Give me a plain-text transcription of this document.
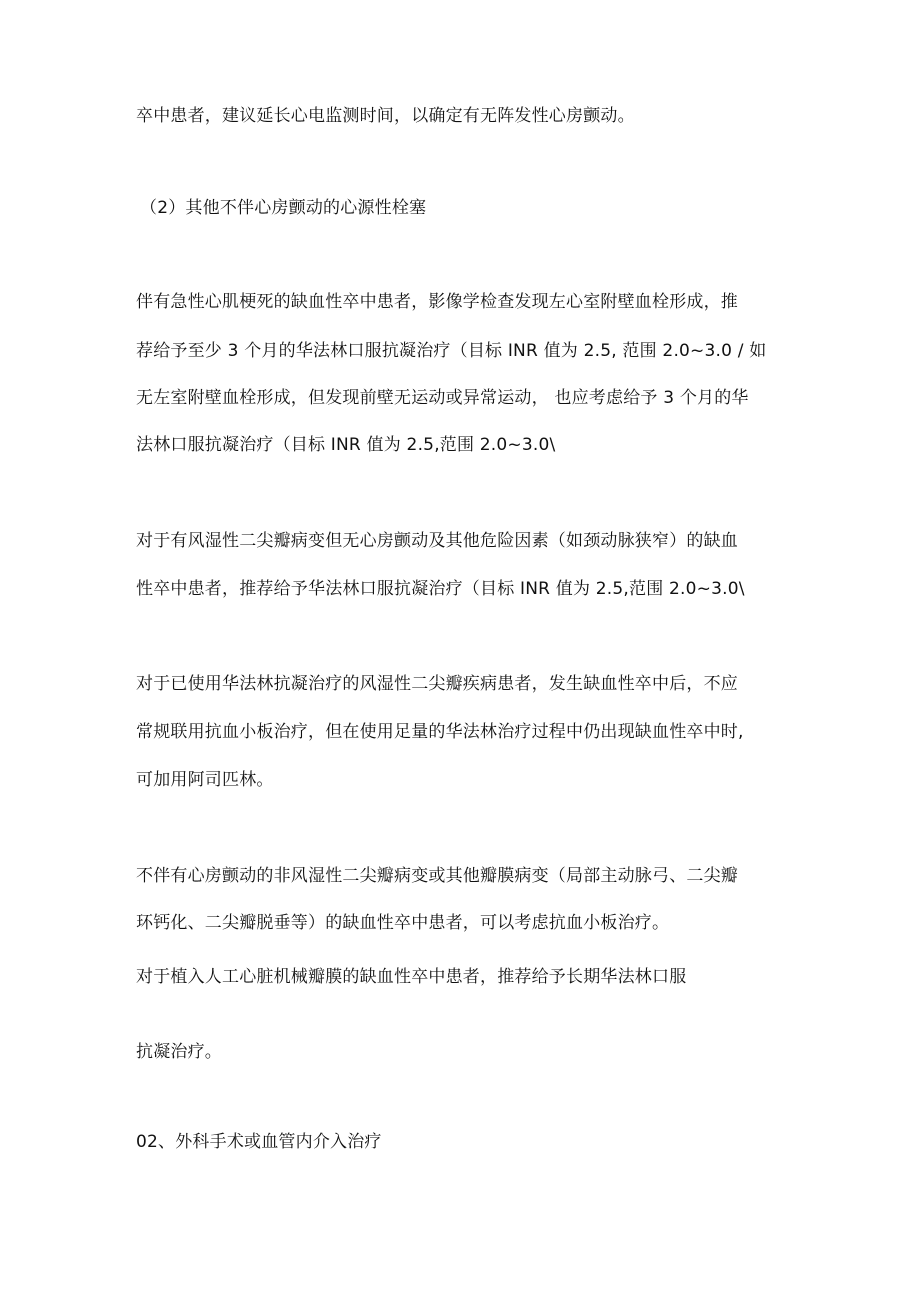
卒中患者，建议延长心电监测时间，以确定有无阵发性心房颤动。
（2）其他不伴心房颤动的心源性栓塞
伴有急性心肌梗死的缺血性卒中患者，影像学检查发现左心室附壁血栓形成，推
荐给予至少 3 个月的华法林口服抗凝治疗（目标 INR 值为 2.5, 范围 2.0~3.0 / 如
无左室附壁血栓形成，但发现前壁无运动或异常运动， 也应考虑给予 3 个月的华
法林口服抗凝治疗（目标 INR 值为 2.5,范围 2.0~3.0\
对于有风湿性二尖瓣病变但无心房颤动及其他危险因素（如颈动脉狭窄）的缺血
性卒中患者，推荐给予华法林口服抗凝治疗（目标 INR 值为 2.5,范围 2.0~3.0\
对于已使用华法林抗凝治疗的风湿性二尖瓣疾病患者，发生缺血性卒中后，不应
常规联用抗血小板治疗，但在使用足量的华法林治疗过程中仍出现缺血性卒中时,
可加用阿司匹林。
不伴有心房颤动的非风湿性二尖瓣病变或其他瓣膜病变（局部主动脉弓、二尖瓣
环钙化、二尖瓣脱垂等）的缺血性卒中患者，可以考虑抗血小板治疗。
对于植入人工心脏机械瓣膜的缺血性卒中患者，推荐给予长期华法林口服
抗凝治疗。
02、外科手术或血管内介入治疗
